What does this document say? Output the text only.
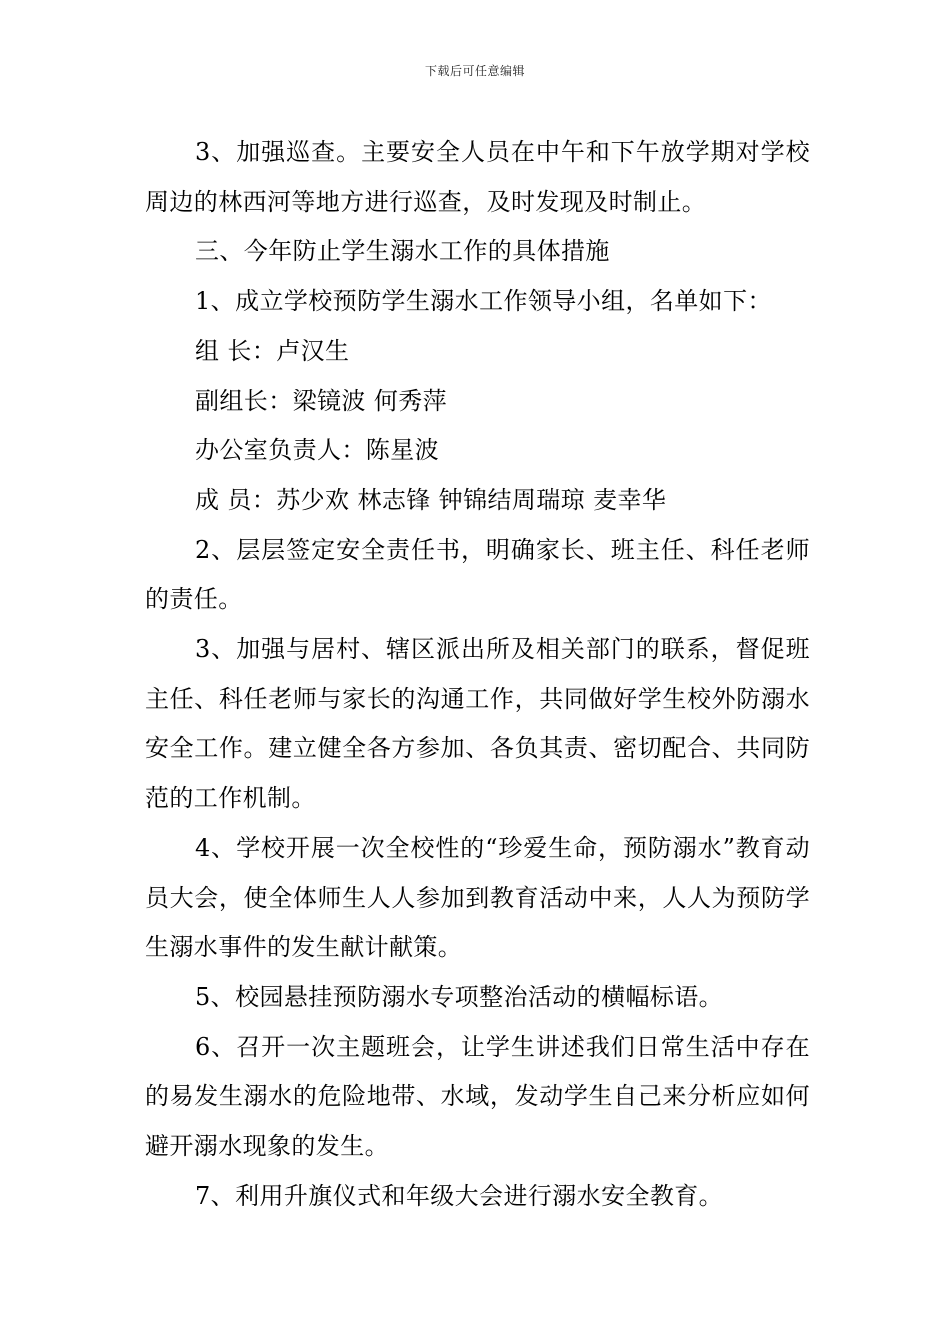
下载后可任意编辑

3、加强巡查。主要安全人员在中午和下午放学期对学校周边的林西河等地方进行巡查，及时发现及时制止。

三、今年防止学生溺水工作的具体措施

1、成立学校预防学生溺水工作领导小组，名单如下：

组 长：卢汉生

副组长：梁镜波 何秀萍

办公室负责人：陈星波

成 员：苏少欢 林志锋 钟锦结周瑞琼 麦幸华

2、层层签定安全责任书，明确家长、班主任、科任老师的责任。

3、加强与居村、辖区派出所及相关部门的联系，督促班主任、科任老师与家长的沟通工作，共同做好学生校外防溺水安全工作。建立健全各方参加、各负其责、密切配合、共同防范的工作机制。

4、学校开展一次全校性的“珍爱生命，预防溺水”教育动员大会，使全体师生人人参加到教育活动中来，人人为预防学生溺水事件的发生献计献策。

5、校园悬挂预防溺水专项整治活动的横幅标语。

6、召开一次主题班会，让学生讲述我们日常生活中存在的易发生溺水的危险地带、水域，发动学生自己来分析应如何避开溺水现象的发生。

7、利用升旗仪式和年级大会进行溺水安全教育。
